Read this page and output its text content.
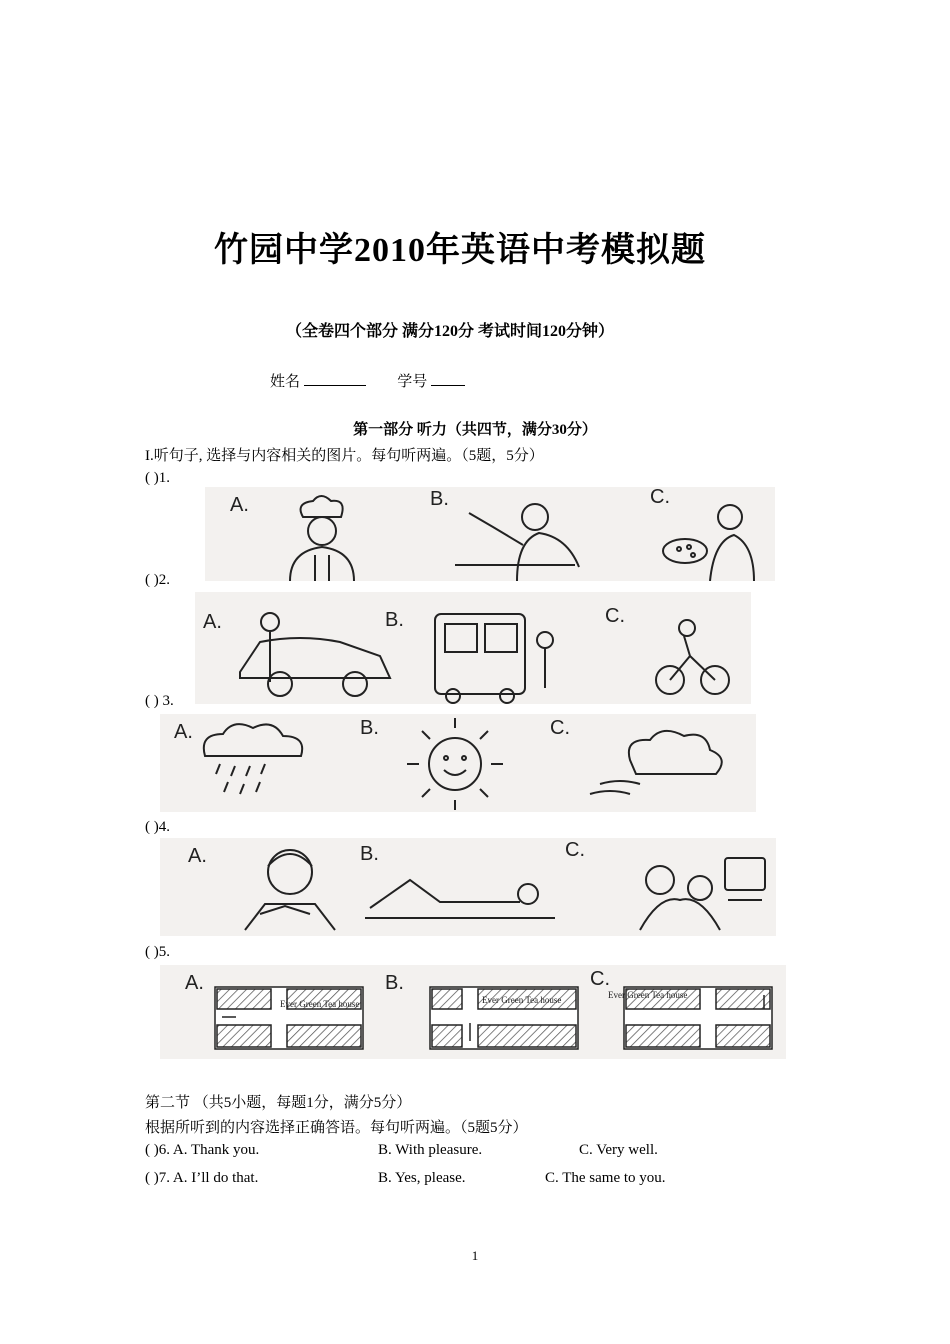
竹园中学2010年英语中考模拟题
（全卷四个部分 满分120分 考试时间120分钟）
姓名	学号
第一部分 听力（共四节，满分30分）
I.听句子, 选择与内容相关的图片。每句听两遍。（5题，5分）
( )1.
A.	B.	C.
( )2.
A.	B.	C.
( ) 3.
A.	B.	C.
( )4.
A.	B.	C.
( )5.
A.	B.	C.
Ever Green Tea house	Ever Green Tea house	Ever Green Tea house
第二节 （共5小题，每题1分，满分5分）
根据所听到的内容选择正确答语。每句听两遍。（5题5分）
( )6. A. Thank you.	B. With pleasure.	C. Very well.
( )7. A. I’ll do that.	B. Yes, please.	C. The same to you.
1
